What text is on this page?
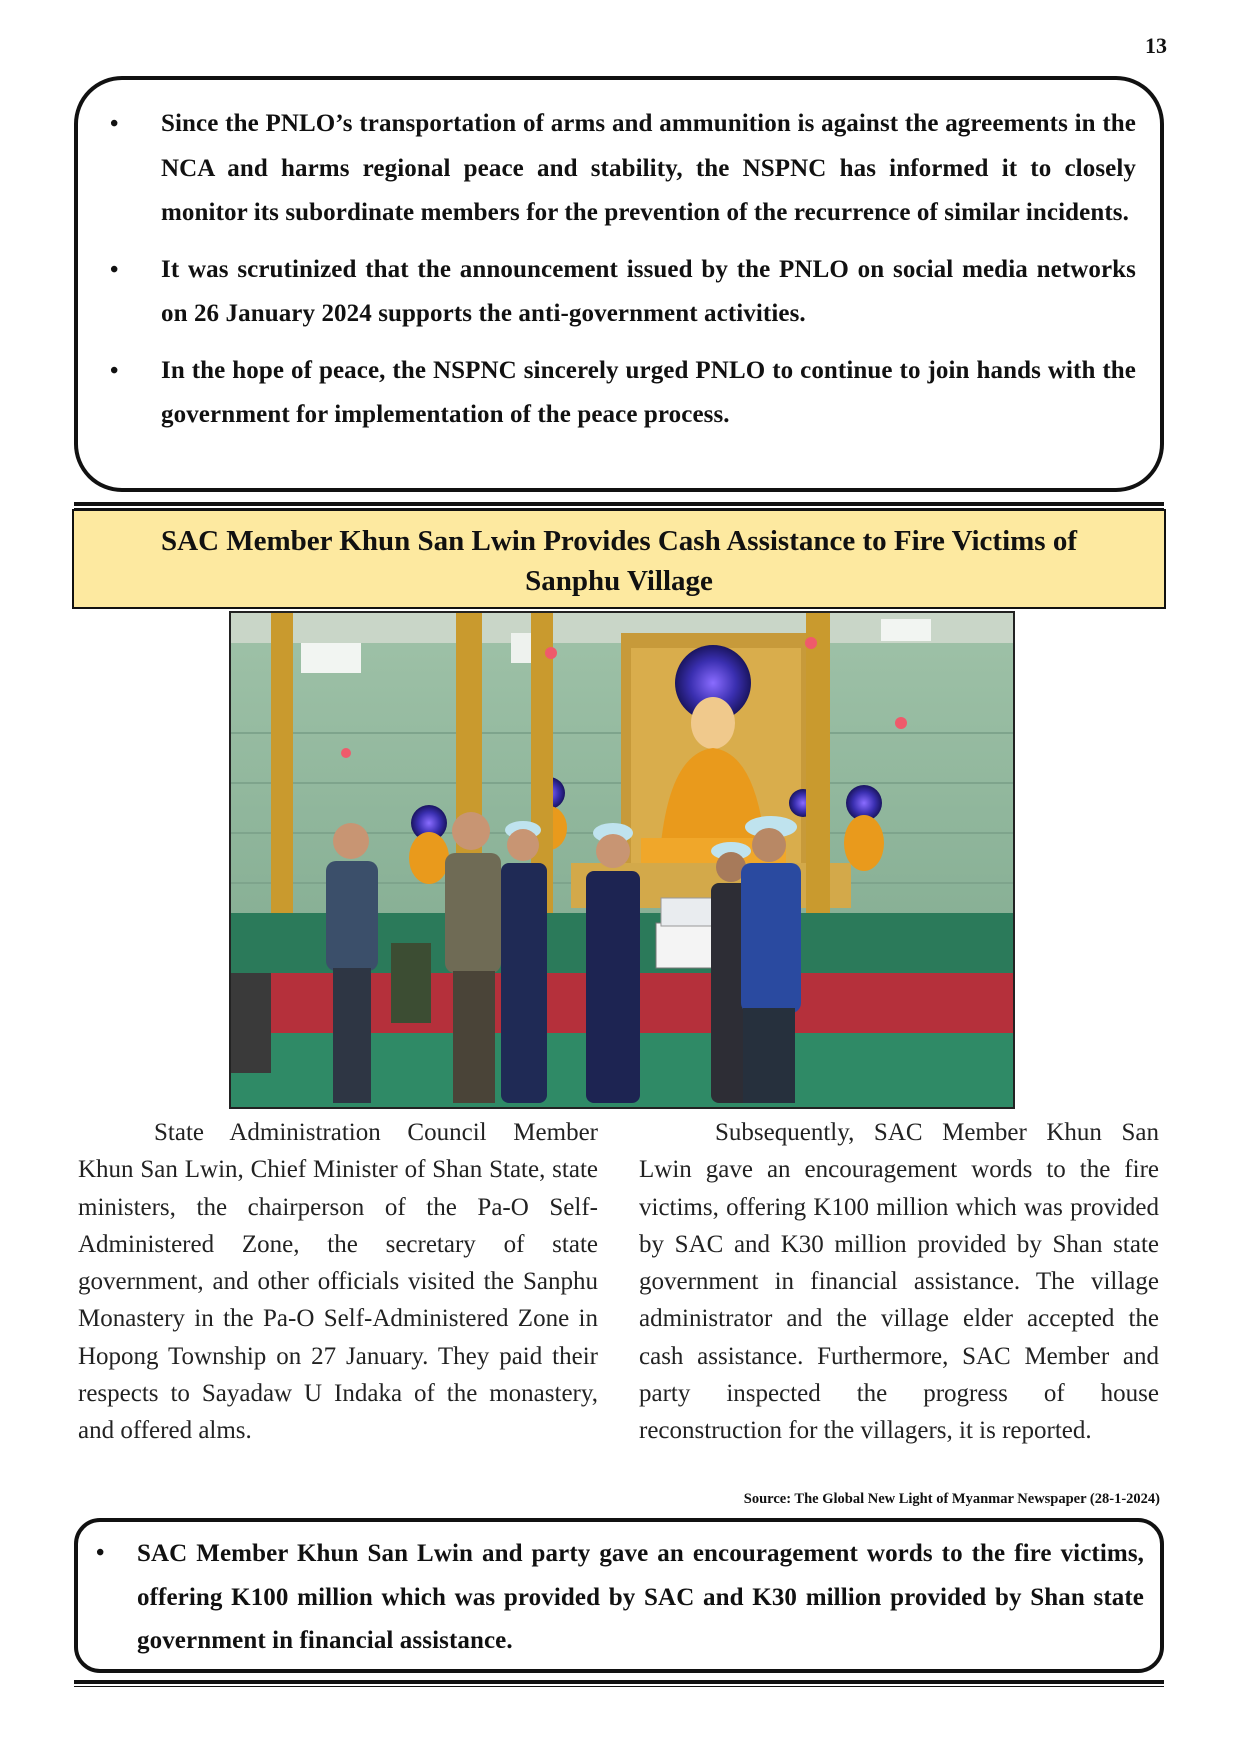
13
• Since the PNLO’s transportation of arms and ammunition is against the agreements in the NCA and harms regional peace and stability, the NSPNC has informed it to closely monitor its subordinate members for the prevention of the recurrence of similar incidents.
• It was scrutinized that the announcement issued by the PNLO on social media networks on 26 January 2024 supports the anti-government activities.
• In the hope of peace, the NSPNC sincerely urged PNLO to continue to join hands with the government for implementation of the peace process.
SAC Member Khun San Lwin Provides Cash Assistance to Fire Victims of
Sanphu Village

State Administration Council Member Khun San Lwin, Chief Minister of Shan State, state ministers, the chairperson of the Pa-O Self-Administered Zone, the secretary of state government, and other officials visited the Sanphu Monastery in the Pa-O Self-Administered Zone in Hopong Township on 27 January. They paid their respects to Sayadaw U Indaka of the monastery, and offered alms.

Subsequently, SAC Member Khun San Lwin gave an encouragement words to the fire victims, offering K100 million which was provided by SAC and K30 million provided by Shan state government in financial assistance. The village administrator and the village elder accepted the cash assistance. Furthermore, SAC Member and party inspected the progress of house reconstruction for the villagers, it is reported.

Source: The Global New Light of Myanmar Newspaper (28-1-2024)
• SAC Member Khun San Lwin and party gave an encouragement words to the fire victims, offering K100 million which was provided by SAC and K30 million provided by Shan state government in financial assistance.
